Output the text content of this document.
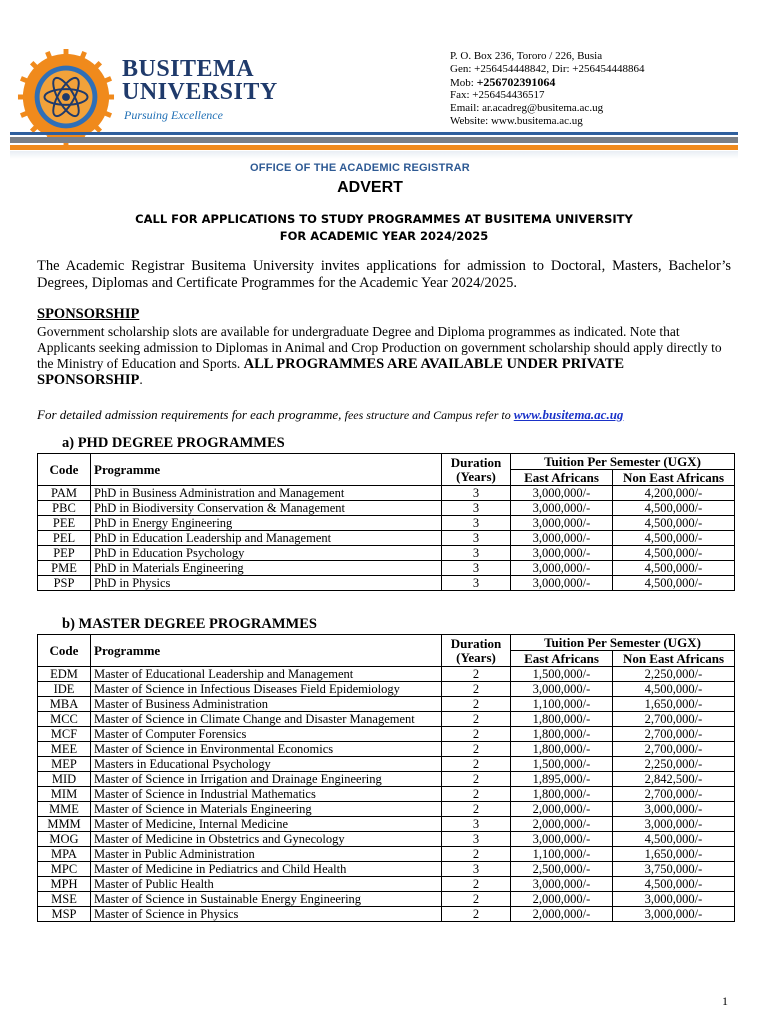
BUSITEMA
UNIVERSITY
Pursuing Excellence
P. O. Box 236, Tororo / 226, Busia
Gen: +256454448842, Dir: +256454448864
Mob: +256702391064
Fax: +256454436517
Email: ar.acadreg@busitema.ac.ug
Website: www.busitema.ac.ug
OFFICE OF THE ACADEMIC REGISTRAR
ADVERT
CALL FOR APPLICATIONS TO STUDY PROGRAMMES AT BUSITEMA UNIVERSITY
FOR ACADEMIC YEAR 2024/2025
The Academic Registrar Busitema University invites applications for admission to Doctoral, Masters, Bachelor’s Degrees, Diplomas and Certificate Programmes for the Academic Year 2024/2025.
SPONSORSHIP
Government scholarship slots are available for undergraduate Degree and Diploma programmes as indicated. Note that Applicants seeking admission to Diplomas in Animal and Crop Production on government scholarship should apply directly to the Ministry of Education and Sports. ALL PROGRAMMES ARE AVAILABLE UNDER PRIVATE SPONSORSHIP.
For detailed admission requirements for each programme, fees structure and Campus refer to www.busitema.ac.ug
a) PHD DEGREE PROGRAMMES
Code	Programme	Duration
(Years)	Tuition Per Semester (UGX)	
			East Africans	Non East Africans
PAM	PhD in Business Administration and Management	3	3,000,000/-	4,200,000/-
PBC	PhD in Biodiversity Conservation & Management	3	3,000,000/-	4,500,000/-
PEE	PhD in Energy Engineering	3	3,000,000/-	4,500,000/-
PEL	PhD in Education Leadership and Management	3	3,000,000/-	4,500,000/-
PEP	PhD in Education Psychology	3	3,000,000/-	4,500,000/-
PME	PhD in Materials Engineering	3	3,000,000/-	4,500,000/-
PSP	PhD in Physics	3	3,000,000/-	4,500,000/-
b) MASTER DEGREE PROGRAMMES
Code	Programme	Duration
(Years)	Tuition Per Semester (UGX)	
			East Africans	Non East Africans
EDM	Master of Educational Leadership and Management	2	1,500,000/-	2,250,000/-
IDE	Master of Science in Infectious Diseases Field Epidemiology	2	3,000,000/-	4,500,000/-
MBA	Master of Business Administration	2	1,100,000/-	1,650,000/-
MCC	Master of Science in Climate Change and Disaster Management	2	1,800,000/-	2,700,000/-
MCF	Master of Computer Forensics	2	1,800,000/-	2,700,000/-
MEE	Master of Science in Environmental Economics	2	1,800,000/-	2,700,000/-
MEP	Masters in Educational Psychology	2	1,500,000/-	2,250,000/-
MID	Master of Science in Irrigation and Drainage Engineering	2	1,895,000/-	2,842,500/-
MIM	Master of Science in Industrial Mathematics	2	1,800,000/-	2,700,000/-
MME	Master of Science in Materials Engineering	2	2,000,000/-	3,000,000/-
MMM	Master of Medicine, Internal Medicine	3	2,000,000/-	3,000,000/-
MOG	Master of Medicine in Obstetrics and Gynecology	3	3,000,000/-	4,500,000/-
MPA	Master in Public Administration	2	1,100,000/-	1,650,000/-
MPC	Master of Medicine in Pediatrics and Child Health	3	2,500,000/-	3,750,000/-
MPH	Master of Public Health	2	3,000,000/-	4,500,000/-
MSE	Master of Science in Sustainable Energy Engineering	2	2,000,000/-	3,000,000/-
MSP	Master of Science in Physics	2	2,000,000/-	3,000,000/-
1
